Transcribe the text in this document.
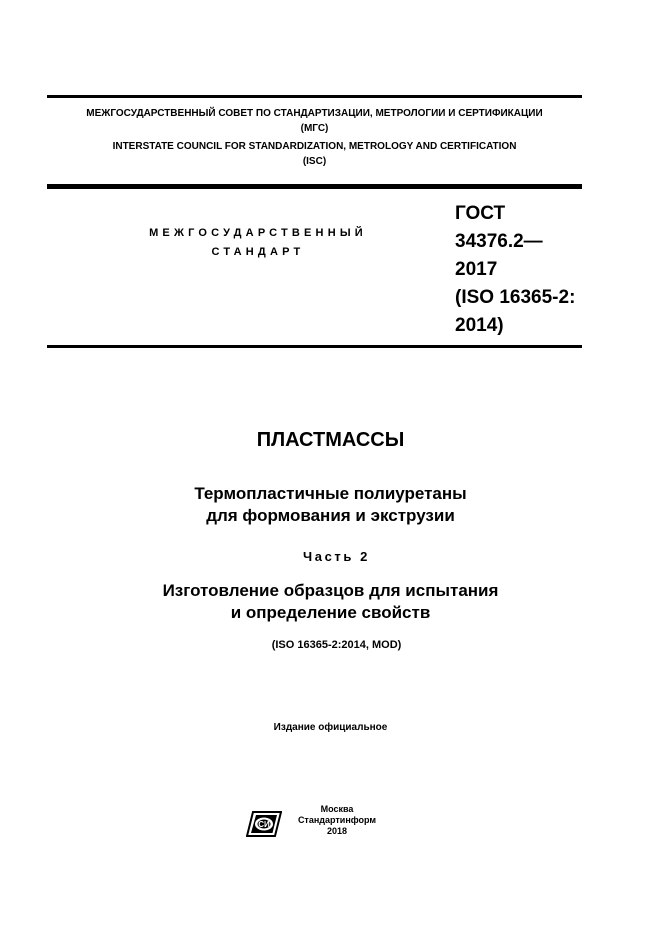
МЕЖГОСУДАРСТВЕННЫЙ СОВЕТ ПО СТАНДАРТИЗАЦИИ, МЕТРОЛОГИИ И СЕРТИФИКАЦИИ
(МГС)
INTERSTATE COUNCIL FOR STANDARDIZATION, METROLOGY AND CERTIFICATION
(ISC)
МЕЖГОСУДАРСТВЕННЫЙ
СТАНДАРТ
ГОСТ
34376.2—
2017
(ISO 16365-2:
2014)
ПЛАСТМАССЫ
Термопластичные полиуретаны
для формования и экструзии
Часть 2
Изготовление образцов для испытания
и определение свойств
(ISO 16365-2:2014, MOD)
Издание официальное
СИ
Москва
Стандартинформ
2018
